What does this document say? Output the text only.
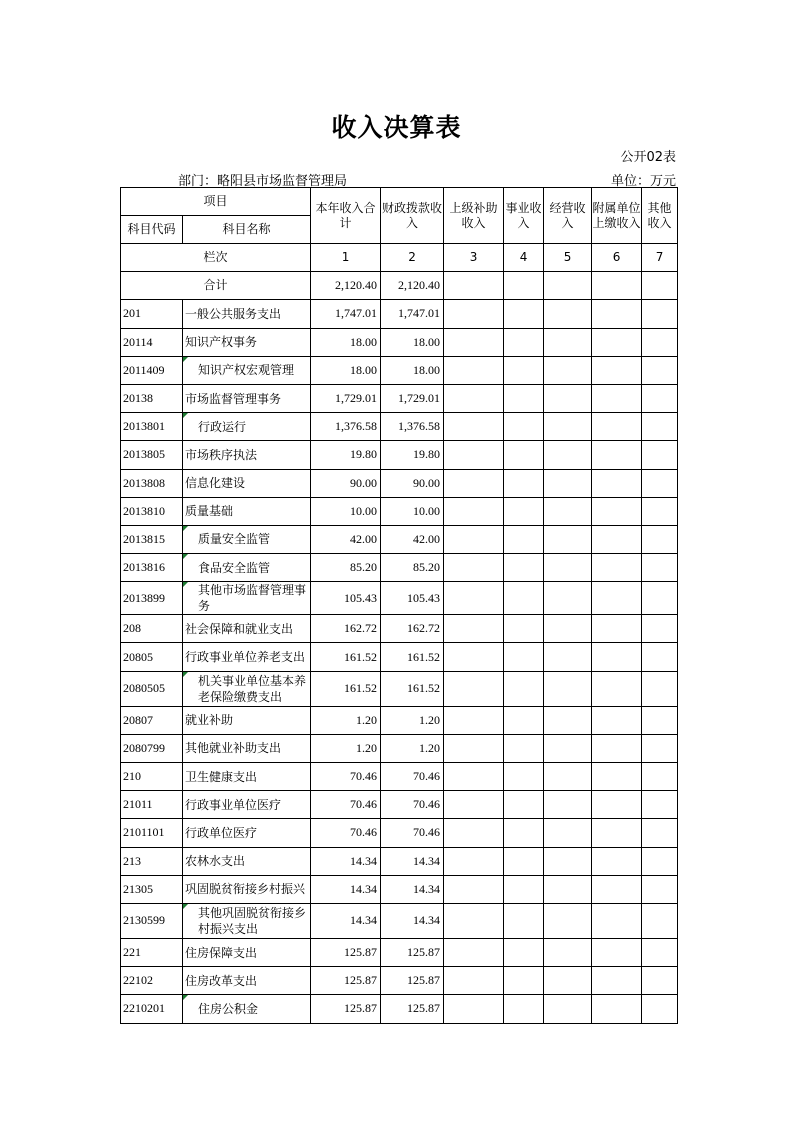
收入决算表
公开02表
部门：略阳县市场监督管理局	单位：万元
项目		本年收入合计	财政拨款收入	上级补助收入	事业收入	经营收入	附属单位上缴收入	其他收入
科目代码	科目名称							
栏次		1	2	3	4	5	6	7
合计		2,120.40	2,120.40					
201	一般公共服务支出	1,747.01	1,747.01					
20114	知识产权事务	18.00	18.00					
2011409	知识产权宏观管理	18.00	18.00					
20138	市场监督管理事务	1,729.01	1,729.01					
2013801	行政运行	1,376.58	1,376.58					
2013805	市场秩序执法	19.80	19.80					
2013808	信息化建设	90.00	90.00					
2013810	质量基础	10.00	10.00					
2013815	质量安全监管	42.00	42.00					
2013816	食品安全监管	85.20	85.20					
2013899	其他市场监督管理事务	105.43	105.43					
208	社会保障和就业支出	162.72	162.72					
20805	行政事业单位养老支出	161.52	161.52					
2080505	机关事业单位基本养老保险缴费支出	161.52	161.52					
20807	就业补助	1.20	1.20					
2080799	其他就业补助支出	1.20	1.20					
210	卫生健康支出	70.46	70.46					
21011	行政事业单位医疗	70.46	70.46					
2101101	行政单位医疗	70.46	70.46					
213	农林水支出	14.34	14.34					
21305	巩固脱贫衔接乡村振兴	14.34	14.34					
2130599	其他巩固脱贫衔接乡村振兴支出	14.34	14.34					
221	住房保障支出	125.87	125.87					
22102	住房改革支出	125.87	125.87					
2210201	住房公积金	125.87	125.87					
